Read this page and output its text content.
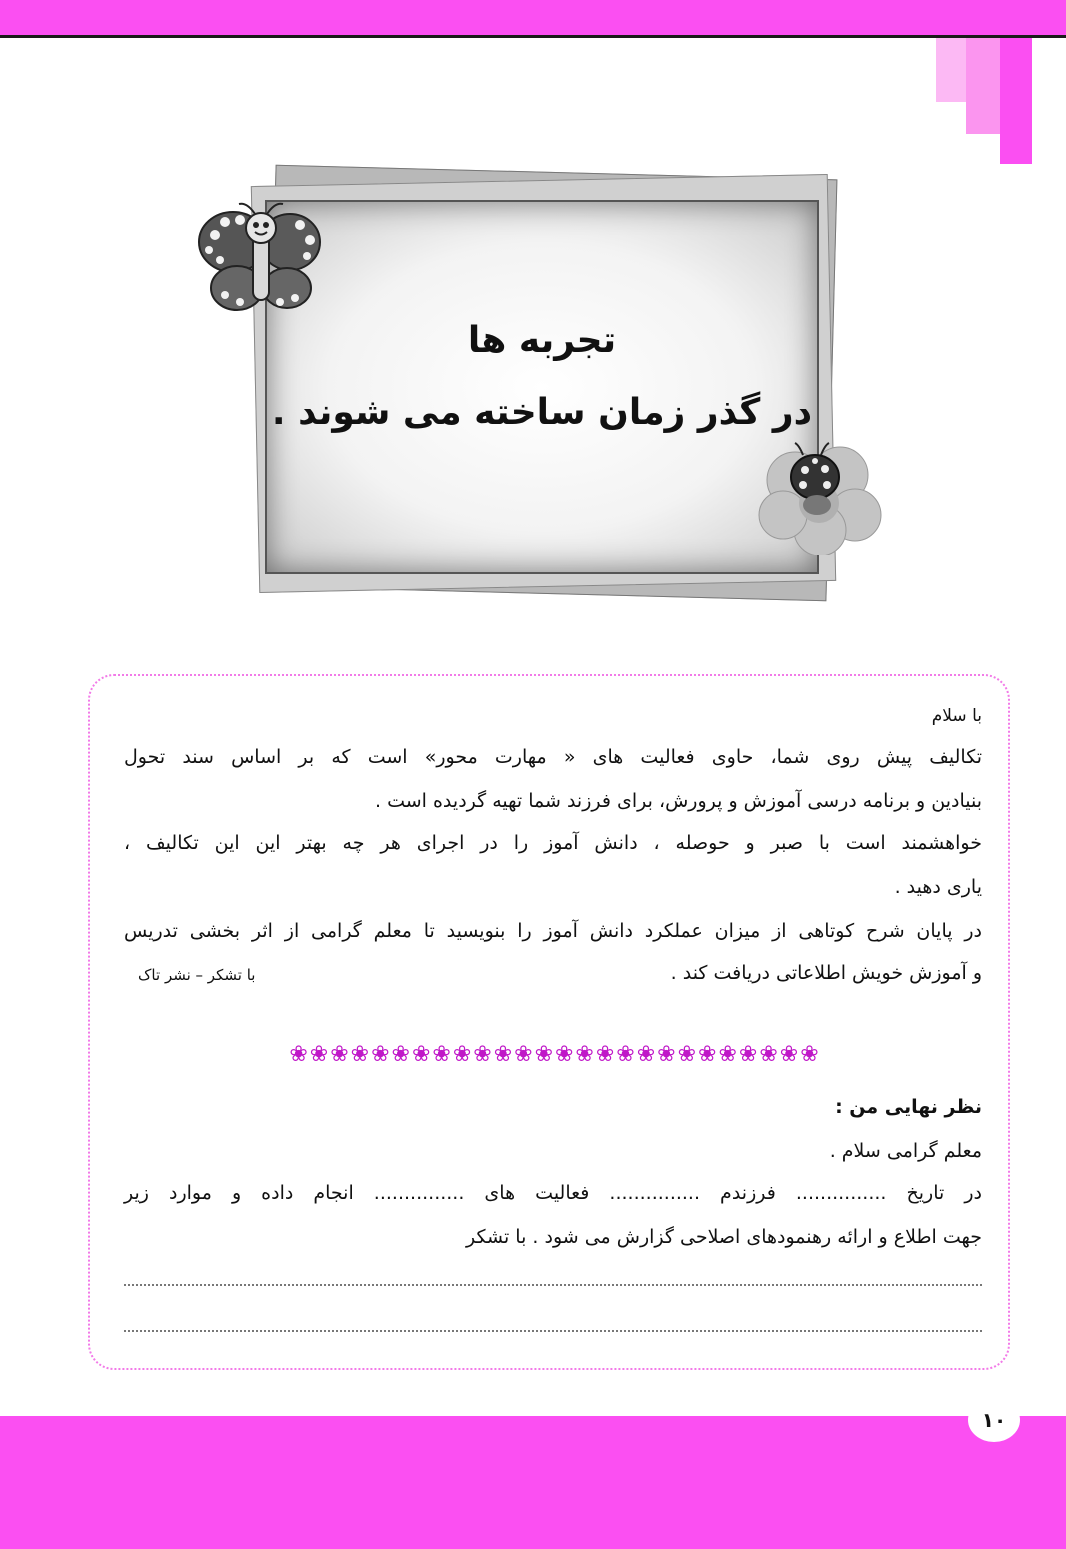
تجربه ها
در گذر زمان ساخته می شوند .
با سلام
تکالیف پیش روی شما، حاوی فعالیت های « مهارت محور» است که بر اساس سند تحول
بنیادین و برنامه درسی آموزش و پرورش، برای فرزند شما تهیه گردیده است .
خواهشمند است با صبر و حوصله ، دانش آموز را در اجرای هر چه بهتر این این تکالیف ،
یاری دهید .
در پایان شرح کوتاهی از میزان عملکرد دانش آموز را بنویسید تا معلم گرامی از اثر بخشی تدریس
و آموزش خویش اطلاعاتی دریافت کند .
با تشکر – نشر تاک
❀❀❀❀❀❀❀❀❀❀❀❀❀❀❀❀❀❀❀❀❀❀❀❀❀❀
نظر نهایی من :
معلم گرامی سلام .
در تاریخ ............... فرزندم ............... فعالیت های ............... انجام داده و موارد زیر
جهت اطلاع و ارائه رهنمودهای اصلاحی گزارش می شود . با تشکر
۱۰
